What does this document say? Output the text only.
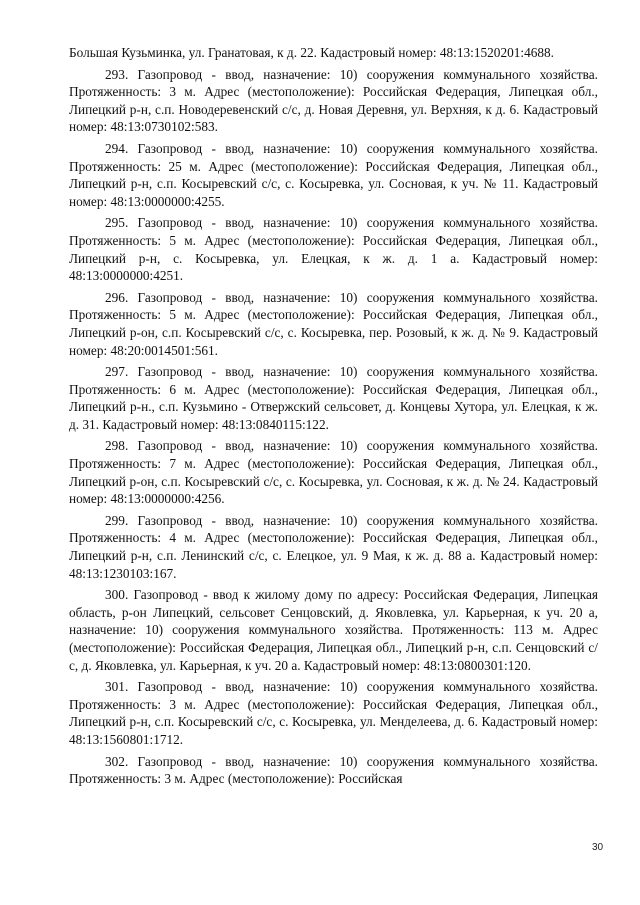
Большая Кузьминка, ул. Гранатовая, к д. 22. Кадастровый номер: 48:13:1520201:4688.

293. Газопровод - ввод, назначение: 10) сооружения коммунального хозяйства. Протяженность: 3 м. Адрес (местоположение): Российская Федерация, Липецкая обл., Липецкий р-н, с.п. Новодеревенский с/с, д. Новая Деревня, ул. Верхняя, к д. 6. Кадастровый номер: 48:13:0730102:583.

294. Газопровод - ввод, назначение: 10) сооружения коммунального хозяйства. Протяженность: 25 м. Адрес (местоположение): Российская Федерация, Липецкая обл., Липецкий р-н, с.п. Косыревский с/с, с. Косыревка, ул. Сосновая, к уч. № 11. Кадастровый номер: 48:13:0000000:4255.

295. Газопровод - ввод, назначение: 10) сооружения коммунального хозяйства. Протяженность: 5 м. Адрес (местоположение): Российская Федерация, Липецкая обл., Липецкий р-н, с. Косыревка, ул. Елецкая, к ж. д. 1 а. Кадастровый номер: 48:13:0000000:4251.

296. Газопровод - ввод, назначение: 10) сооружения коммунального хозяйства. Протяженность: 5 м. Адрес (местоположение): Российская Федерация, Липецкая обл., Липецкий р-он, с.п. Косыревский с/с, с. Косыревка, пер. Розовый, к ж. д. № 9. Кадастровый номер: 48:20:0014501:561.

297. Газопровод - ввод, назначение: 10) сооружения коммунального хозяйства. Протяженность: 6 м. Адрес (местоположение): Российская Федерация, Липецкая обл., Липецкий р-н., с.п. Кузьмино - Отвержский сельсовет, д. Концевы Хутора, ул. Елецкая, к ж. д. 31. Кадастровый номер: 48:13:0840115:122.

298. Газопровод - ввод, назначение: 10) сооружения коммунального хозяйства. Протяженность: 7 м. Адрес (местоположение): Российская Федерация, Липецкая обл., Липецкий р-он, с.п. Косыревский с/с, с. Косыревка, ул. Сосновая, к ж. д. № 24. Кадастровый номер: 48:13:0000000:4256.

299. Газопровод - ввод, назначение: 10) сооружения коммунального хозяйства. Протяженность: 4 м. Адрес (местоположение): Российская Федерация, Липецкая обл., Липецкий р-н, с.п. Ленинский с/с, с. Елецкое, ул. 9 Мая, к ж. д. 88 а. Кадастровый номер: 48:13:1230103:167.

300. Газопровод - ввод к жилому дому по адресу: Российская Федерация, Липецкая область, р-он Липецкий, сельсовет Сенцовский, д. Яковлевка, ул. Карьерная, к уч. 20 а, назначение: 10) сооружения коммунального хозяйства. Протяженность: 113 м. Адрес (местоположение): Российская Федерация, Липецкая обл., Липецкий р-н, с.п. Сенцовский с/с, д. Яковлевка, ул. Карьерная, к уч. 20 а. Кадастровый номер: 48:13:0800301:120.

301. Газопровод - ввод, назначение: 10) сооружения коммунального хозяйства. Протяженность: 3 м. Адрес (местоположение): Российская Федерация, Липецкая обл., Липецкий р-н, с.п. Косыревский с/с, с. Косыревка, ул. Менделеева, д. 6. Кадастровый номер: 48:13:1560801:1712.

302. Газопровод - ввод, назначение: 10) сооружения коммунального хозяйства. Протяженность: 3 м. Адрес (местоположение): Российская

30
